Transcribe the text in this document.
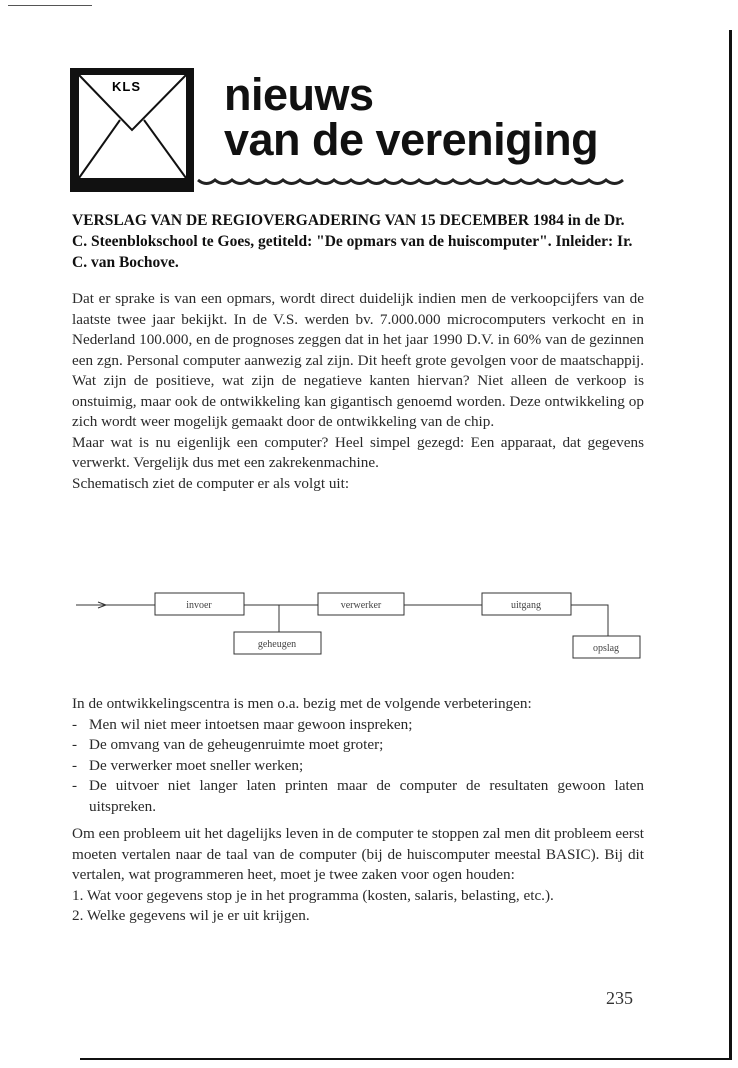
KLS nieuws
van de vereniging
VERSLAG VAN DE REGIOVERGADERING VAN 15 DECEMBER 1984 in de Dr. C. Steenblokschool te Goes, getiteld: "De opmars van de huiscomputer". Inleider: Ir. C. van Bochove.

Dat er sprake is van een opmars, wordt direct duidelijk indien men de verkoopcijfers van de laatste twee jaar bekijkt. In de V.S. werden bv. 7.000.000 microcomputers verkocht en in Nederland 100.000, en de prognoses zeggen dat in het jaar 1990 D.V. in 60% van de gezinnen een zgn. Personal computer aanwezig zal zijn. Dit heeft grote gevolgen voor de maatschappij. Wat zijn de positieve, wat zijn de negatieve kanten hiervan? Niet alleen de verkoop is onstuimig, maar ook de ontwikkeling kan gigantisch genoemd worden. Deze ontwikkeling op zich wordt weer mogelijk gemaakt door de ontwikkeling van de chip.

Maar wat is nu eigenlijk een computer? Heel simpel gezegd: Een apparaat, dat gegevens verwerkt. Vergelijk dus met een zakrekenmachine.

Schematisch ziet de computer er als volgt uit:

invoer	verwerker	uitgang
geheugen	opslag

In de ontwikkelingscentra is men o.a. bezig met de volgende verbeteringen:

- Men wil niet meer intoetsen maar gewoon inspreken;
- De omvang van de geheugenruimte moet groter;
- De verwerker moet sneller werken;
- De uitvoer niet langer laten printen maar de computer de resultaten gewoon laten uitspreken.

Om een probleem uit het dagelijks leven in de computer te stoppen zal men dit probleem eerst moeten vertalen naar de taal van de computer (bij de huiscomputer meestal BASIC). Bij dit vertalen, wat programmeren heet, moet je twee zaken voor ogen houden:

1. Wat voor gegevens stop je in het programma (kosten, salaris, belasting, etc.).

2. Welke gegevens wil je er uit krijgen.

235
